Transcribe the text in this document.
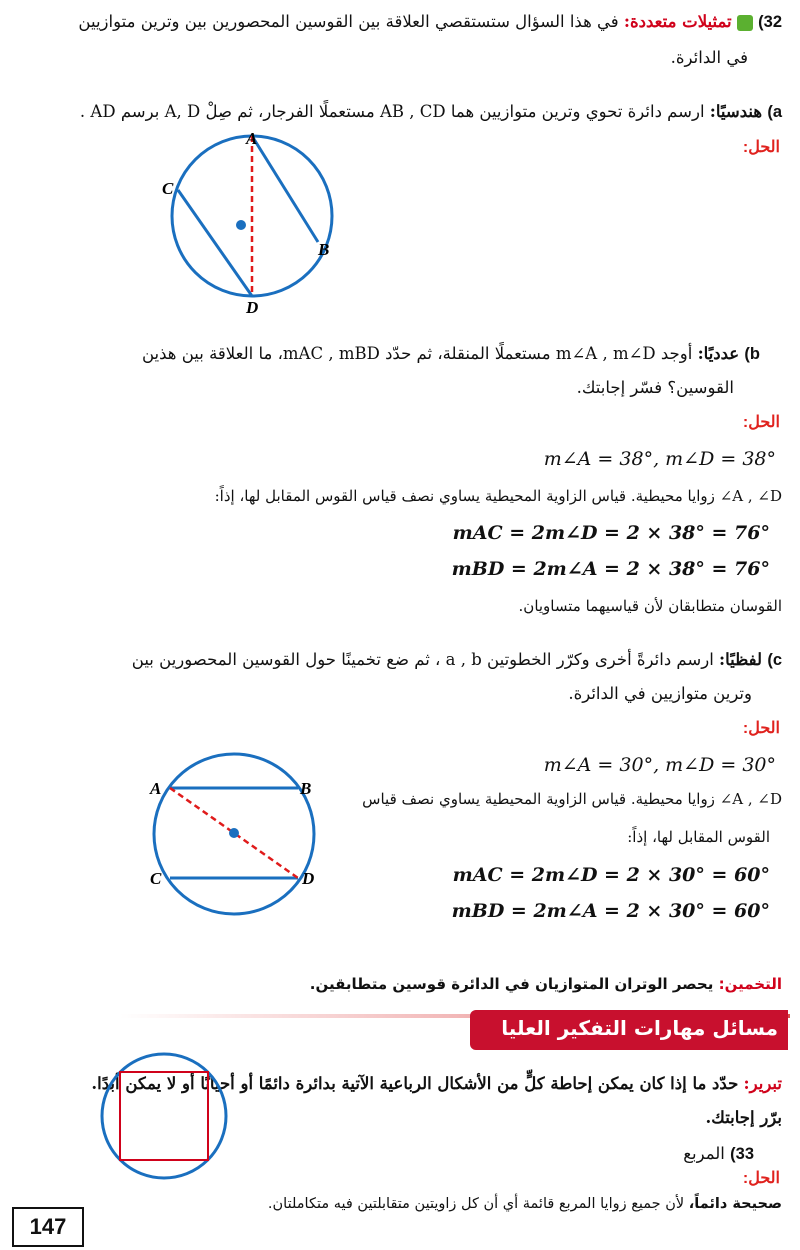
32)  تمثيلات متعددة: في هذا السؤال ستستقصي العلاقة بين القوسين المحصورين بين وترين متوازيين
في الدائرة.
a) هندسيًا: ارسم دائرة تحوي وترين متوازيين هما AB , CD مستعملًا الفرجار، ثم صِلْ A, D برسم AD .
الحل:
A
C
B
D
b) عدديًا: أوجد m∠A , m∠D مستعملًا المنقلة، ثم حدّد mAC , mBD، ما العلاقة بين هذين
القوسين؟ فسّر إجابتك.
الحل:
m∠A = 38°, m∠D = 38°
A , ∠D∠ زوايا محيطية. قياس الزاوية المحيطية يساوي نصف قياس القوس المقابل لها، إذاً:
mAC = 2m∠D = 2 × 38° = 76°
mBD = 2m∠A = 2 × 38° = 76°
القوسان متطابقان لأن قياسيهما متساويان.
c) لفظيًا: ارسم دائرةً أخرى وكرّر الخطوتين a , b ، ثم ضع تخمينًا حول القوسين المحصورين بين
وترين متوازيين في الدائرة.
الحل:
m∠A = 30°, m∠D = 30°
A , ∠D∠ زوايا محيطية. قياس الزاوية المحيطية يساوي نصف قياس
القوس المقابل لها، إذاً:
mAC = 2m∠D = 2 × 30° = 60°
mBD = 2m∠A = 2 × 30° = 60°
A	B
C	D
التخمين: يحصر الوتران المتوازيان في الدائرة قوسين متطابقين.
مسائل مهارات التفكير العليا
تبرير: حدّد ما إذا كان يمكن إحاطة كلٍّ من الأشكال الرباعية الآتية بدائرة دائمًا أو أحيانًا أو لا يمكن أبدًا.
برّر إجابتك.
33) المربع
الحل:
صحيحة دائماً، لأن جميع زوايا المربع قائمة أي أن كل زاويتين متقابلتين فيه متكاملتان.
147
